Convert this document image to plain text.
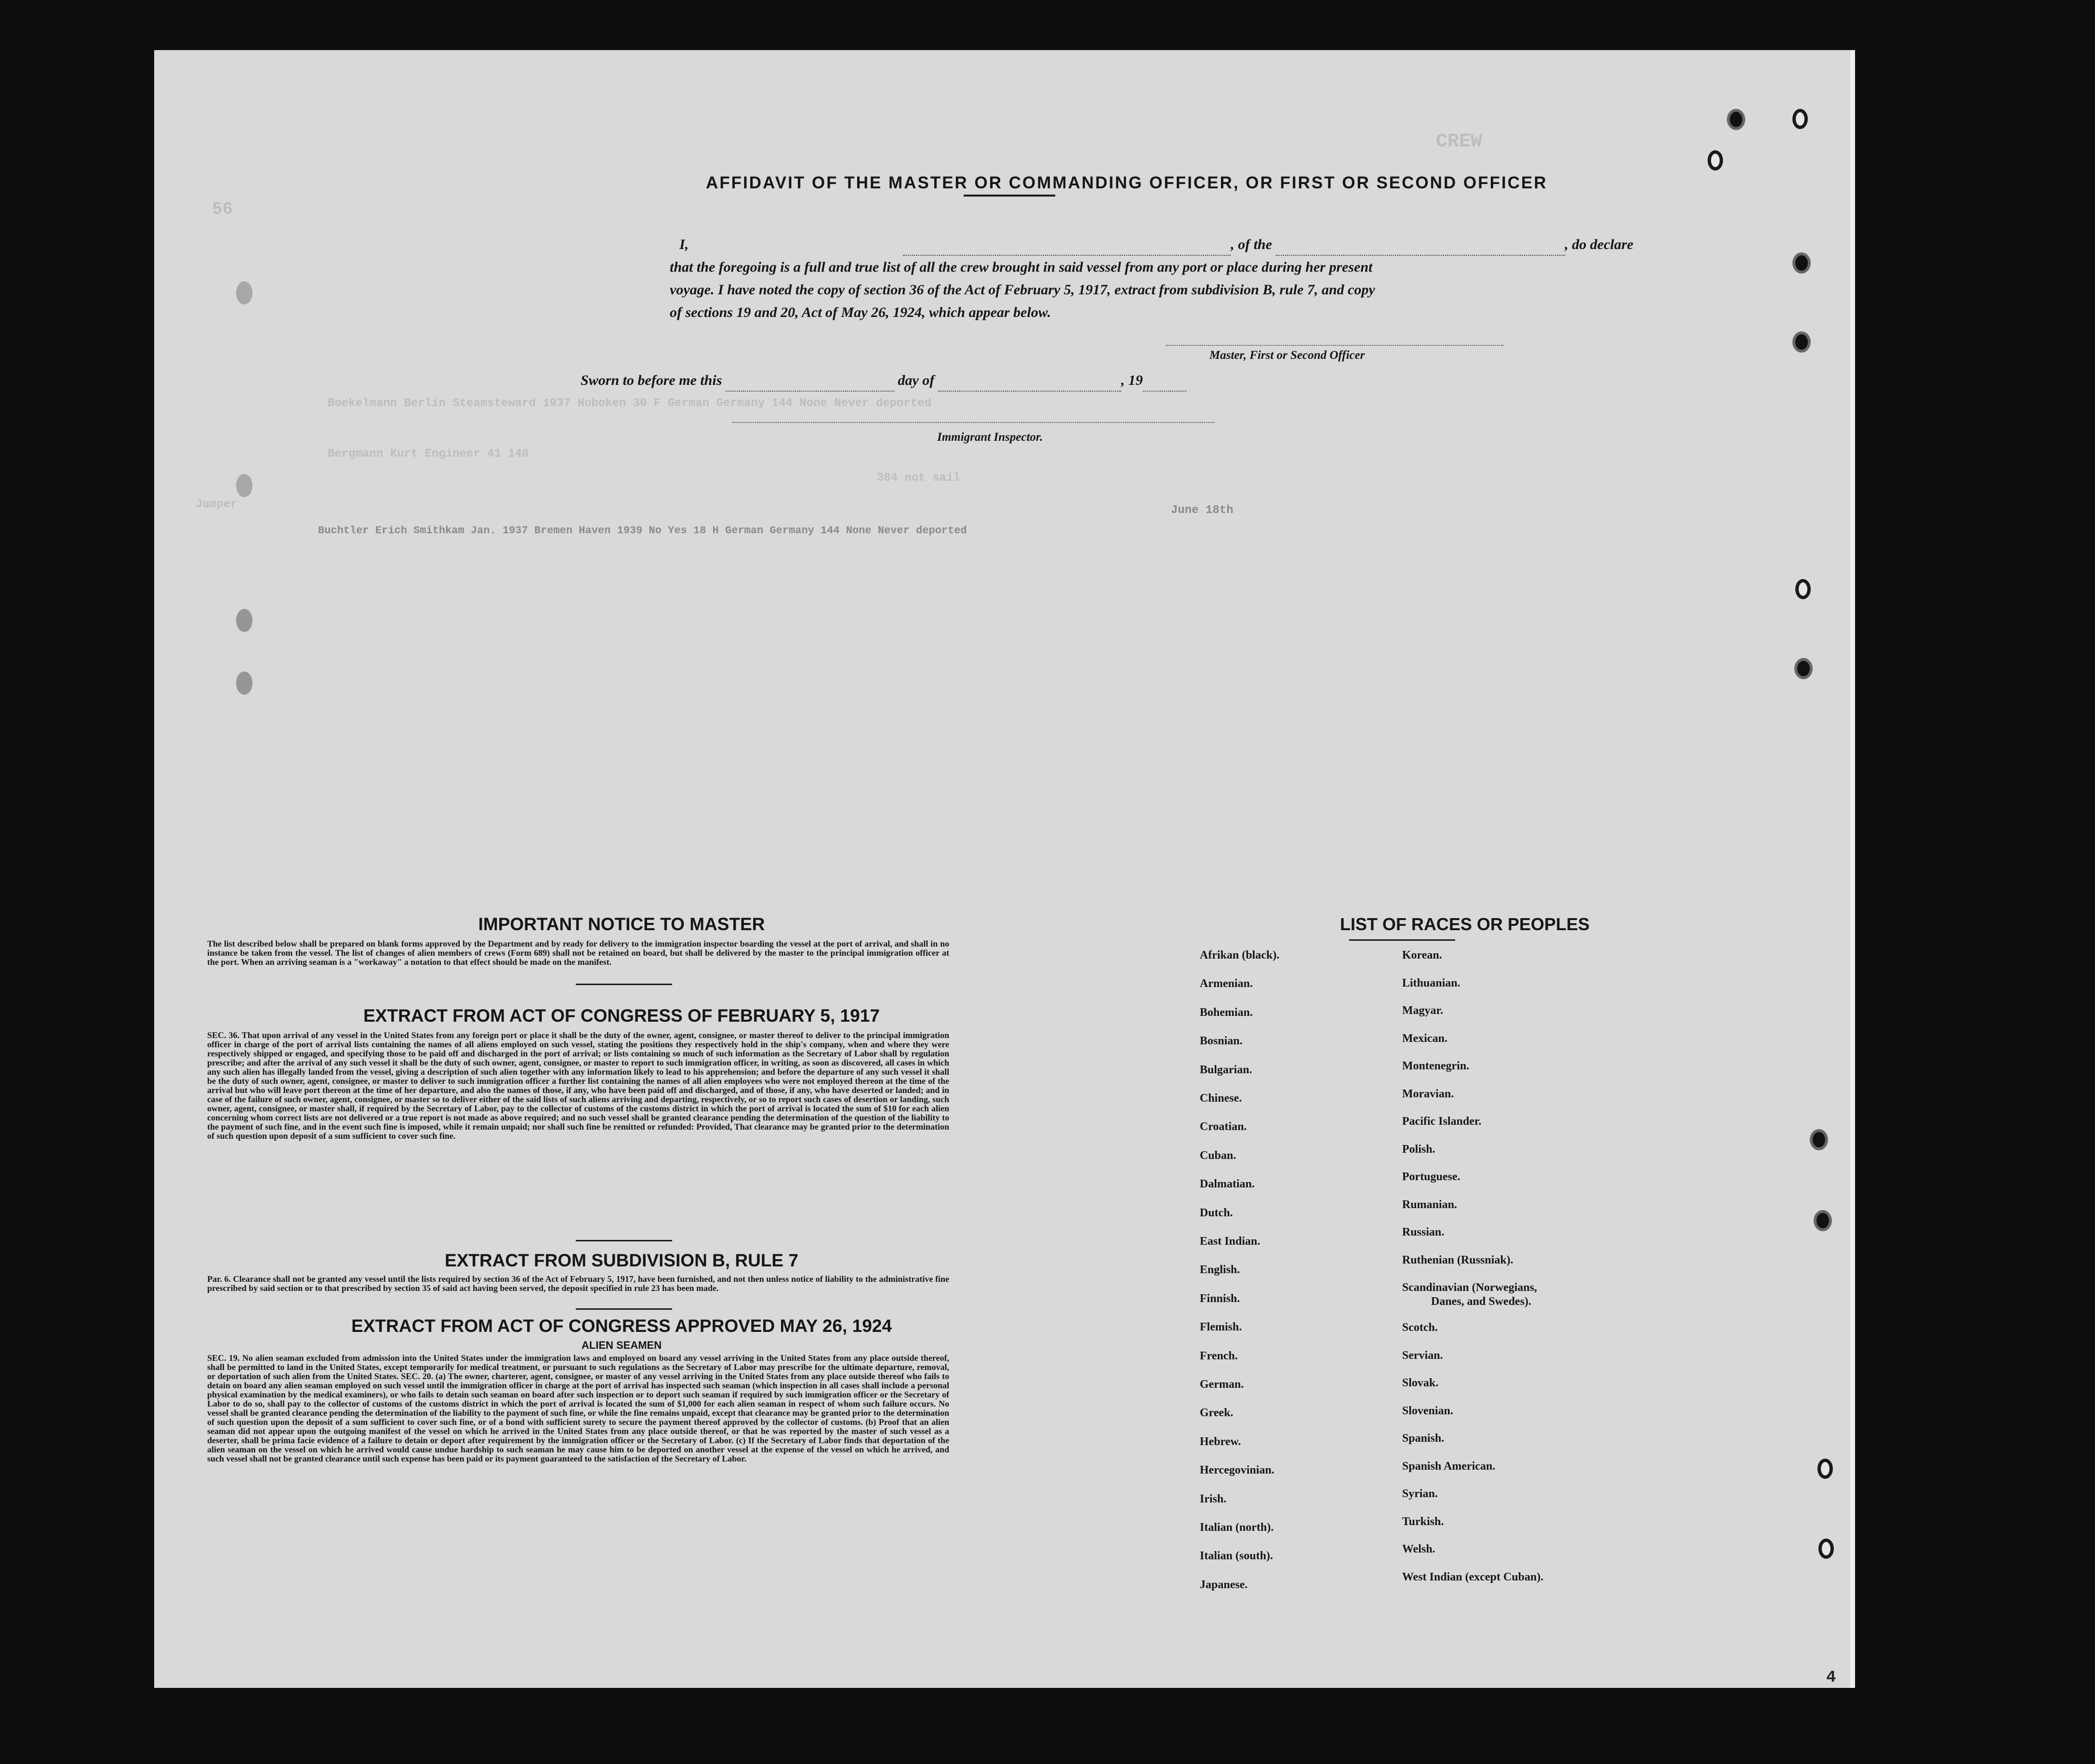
CREW
56
Boekelmann Berlin Steamsteward 1937 Hoboken 30 F German Germany 144 None Never deported
Bergmann Kurt Engineer 41 148
384 not sail
June 18th
Buchtler Erich Smithkam Jan. 1937 Bremen Haven 1939 No Yes 18 H German Germany 144 None Never deported
Jumper
AFFIDAVIT OF THE MASTER OR COMMANDING OFFICER, OR FIRST OR SECOND OFFICER
I,	, of the	, do declare
that the foregoing is a full and true list of all the crew brought in said vessel from any port or place during her present
voyage. I have noted the copy of section 36 of the Act of February 5, 1917, extract from subdivision B, rule 7, and copy
of sections 19 and 20, Act of May 26, 1924, which appear below.
Master, First or Second Officer
Sworn to before me this	day of	, 19
Immigrant Inspector.
IMPORTANT NOTICE TO MASTER
The list described below shall be prepared on blank forms approved by the Department and by ready for delivery to the immigration inspector boarding the vessel at the port of arrival, and shall in no instance be taken from the vessel. The list of changes of alien members of crews (Form 689) shall not be retained on board, but shall be delivered by the master to the principal immigration officer at the port. When an arriving seaman is a "workaway" a notation to that effect should be made on the manifest.
EXTRACT FROM ACT OF CONGRESS OF FEBRUARY 5, 1917
SEC. 36. That upon arrival of any vessel in the United States from any foreign port or place it shall be the duty of the owner, agent, consignee, or master thereof to deliver to the principal immigration officer in charge of the port of arrival lists containing the names of all aliens employed on such vessel, stating the positions they respectively hold in the ship's company, when and where they were respectively shipped or engaged, and specifying those to be paid off and discharged in the port of arrival; or lists containing so much of such information as the Secretary of Labor shall by regulation prescribe; and after the arrival of any such vessel it shall be the duty of such owner, agent, consignee, or master to report to such immigration officer, in writing, as soon as discovered, all cases in which any such alien has illegally landed from the vessel, giving a description of such alien together with any information likely to lead to his apprehension; and before the departure of any such vessel it shall be the duty of such owner, agent, consignee, or master to deliver to such immigration officer a further list containing the names of all alien employees who were not employed thereon at the time of the arrival but who will leave port thereon at the time of her departure, and also the names of those, if any, who have been paid off and discharged, and of those, if any, who have deserted or landed; and in case of the failure of such owner, agent, consignee, or master so to deliver either of the said lists of such aliens arriving and departing, respectively, or so to report such cases of desertion or landing, such owner, agent, consignee, or master shall, if required by the Secretary of Labor, pay to the collector of customs of the customs district in which the port of arrival is located the sum of $10 for each alien concerning whom correct lists are not delivered or a true report is not made as above required; and no such vessel shall be granted clearance pending the determination of the question of the liability to the payment of such fine, and in the event such fine is imposed, while it remain unpaid; nor shall such fine be remitted or refunded: Provided, That clearance may be granted prior to the determination of such question upon deposit of a sum sufficient to cover such fine.
EXTRACT FROM SUBDIVISION B, RULE 7
Par. 6. Clearance shall not be granted any vessel until the lists required by section 36 of the Act of February 5, 1917, have been furnished, and not then unless notice of liability to the administrative fine prescribed by said section or to that prescribed by section 35 of said act having been served, the deposit specified in rule 23 has been made.
EXTRACT FROM ACT OF CONGRESS APPROVED MAY 26, 1924
ALIEN SEAMEN
SEC. 19. No alien seaman excluded from admission into the United States under the immigration laws and employed on board any vessel arriving in the United States from any place outside thereof, shall be permitted to land in the United States, except temporarily for medical treatment, or pursuant to such regulations as the Secretary of Labor may prescribe for the ultimate departure, removal, or deportation of such alien from the United States. SEC. 20. (a) The owner, charterer, agent, consignee, or master of any vessel arriving in the United States from any place outside thereof who fails to detain on board any alien seaman employed on such vessel until the immigration officer in charge at the port of arrival has inspected such seaman (which inspection in all cases shall include a personal physical examination by the medical examiners), or who fails to detain such seaman on board after such inspection or to deport such seaman if required by such immigration officer or the Secretary of Labor to do so, shall pay to the collector of customs of the customs district in which the port of arrival is located the sum of $1,000 for each alien seaman in respect of whom such failure occurs. No vessel shall be granted clearance pending the determination of the liability to the payment of such fine, or while the fine remains unpaid, except that clearance may be granted prior to the determination of such question upon the deposit of a sum sufficient to cover such fine, or of a bond with sufficient surety to secure the payment thereof approved by the collector of customs. (b) Proof that an alien seaman did not appear upon the outgoing manifest of the vessel on which he arrived in the United States from any place outside thereof, or that he was reported by the master of such vessel as a deserter, shall be prima facie evidence of a failure to detain or deport after requirement by the immigration officer or the Secretary of Labor. (c) If the Secretary of Labor finds that deportation of the alien seaman on the vessel on which he arrived would cause undue hardship to such seaman he may cause him to be deported on another vessel at the expense of the vessel on which he arrived, and such vessel shall not be granted clearance until such expense has been paid or its payment guaranteed to the satisfaction of the Secretary of Labor.
LIST OF RACES OR PEOPLES
Afrikan (black).
Armenian.
Bohemian.
Bosnian.
Bulgarian.
Chinese.
Croatian.
Cuban.
Dalmatian.
Dutch.
East Indian.
English.
Finnish.
Flemish.
French.
German.
Greek.
Hebrew.
Hercegovinian.
Irish.
Italian (north).
Italian (south).
Japanese.
Korean.
Lithuanian.
Magyar.
Mexican.
Montenegrin.
Moravian.
Pacific Islander.
Polish.
Portuguese.
Rumanian.
Russian.
Ruthenian (Russniak).
Scandinavian (Norwegians,
Danes, and Swedes).
Scotch.
Servian.
Slovak.
Slovenian.
Spanish.
Spanish American.
Syrian.
Turkish.
Welsh.
West Indian (except Cuban).
4
